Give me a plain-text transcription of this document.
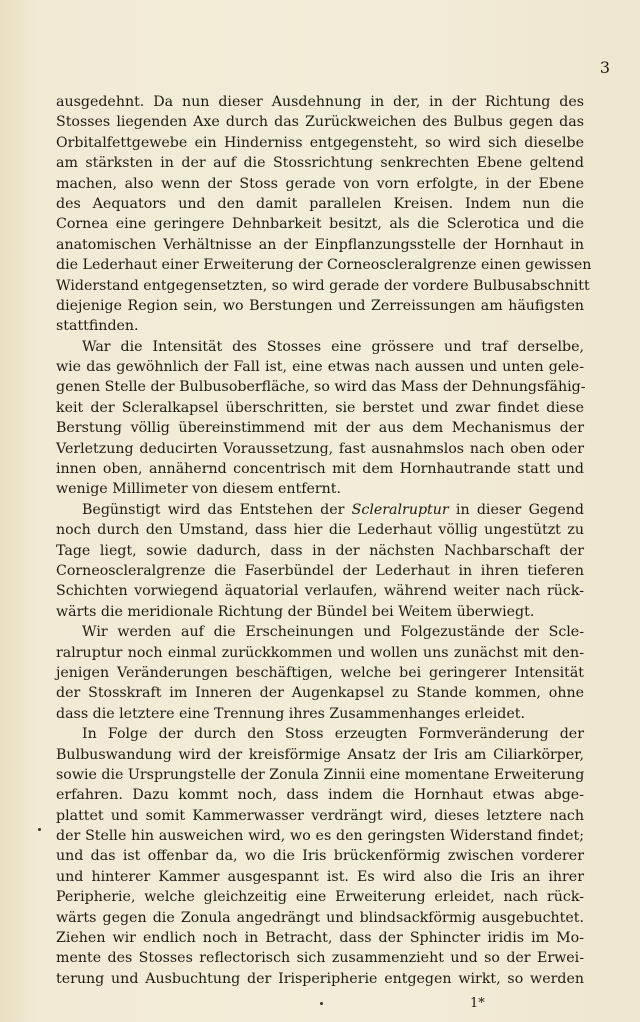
3
ausgedehnt. Da nun dieser Ausdehnung in der, in der Richtung des
Stosses liegenden Axe durch das Zurückweichen des Bulbus gegen das
Orbitalfettgewebe ein Hinderniss entgegensteht, so wird sich dieselbe
am stärksten in der auf die Stossrichtung senkrechten Ebene geltend
machen, also wenn der Stoss gerade von vorn erfolgte, in der Ebene
des Aequators und den damit parallelen Kreisen. Indem nun die
Cornea eine geringere Dehnbarkeit besitzt, als die Sclerotica und die
anatomischen Verhältnisse an der Einpflanzungsstelle der Hornhaut in
die Lederhaut einer Erweiterung der Corneoscleralgrenze einen gewissen
Widerstand entgegensetzten, so wird gerade der vordere Bulbusabschnitt
diejenige Region sein, wo Berstungen und Zerreissungen am häufigsten
stattfinden.
War die Intensität des Stosses eine grössere und traf derselbe,
wie das gewöhnlich der Fall ist, eine etwas nach aussen und unten gele-
genen Stelle der Bulbusoberfläche, so wird das Mass der Dehnungsfähig-
keit der Scleralkapsel überschritten, sie berstet und zwar findet diese
Berstung völlig übereinstimmend mit der aus dem Mechanismus der
Verletzung deducirten Voraussetzung, fast ausnahmslos nach oben oder
innen oben, annähernd concentrisch mit dem Hornhautrande statt und
wenige Millimeter von diesem entfernt.
Begünstigt wird das Entstehen der Scleralruptur in dieser Gegend
noch durch den Umstand, dass hier die Lederhaut völlig ungestützt zu
Tage liegt, sowie dadurch, dass in der nächsten Nachbarschaft der
Corneoscleralgrenze die Faserbündel der Lederhaut in ihren tieferen
Schichten vorwiegend äquatorial verlaufen, während weiter nach rück-
wärts die meridionale Richtung der Bündel bei Weitem überwiegt.
Wir werden auf die Erscheinungen und Folgezustände der Scle-
ralruptur noch einmal zurückkommen und wollen uns zunächst mit den-
jenigen Veränderungen beschäftigen, welche bei geringerer Intensität
der Stosskraft im Inneren der Augenkapsel zu Stande kommen, ohne
dass die letztere eine Trennung ihres Zusammenhanges erleidet.
In Folge der durch den Stoss erzeugten Formveränderung der
Bulbuswandung wird der kreisförmige Ansatz der Iris am Ciliarkörper,
sowie die Ursprungstelle der Zonula Zinnii eine momentane Erweiterung
erfahren. Dazu kommt noch, dass indem die Hornhaut etwas abge-
plattet und somit Kammerwasser verdrängt wird, dieses letztere nach
der Stelle hin ausweichen wird, wo es den geringsten Widerstand findet;
und das ist offenbar da, wo die Iris brückenförmig zwischen vorderer
und hinterer Kammer ausgespannt ist. Es wird also die Iris an ihrer
Peripherie, welche gleichzeitig eine Erweiterung erleidet, nach rück-
wärts gegen die Zonula angedrängt und blindsackförmig ausgebuchtet.
Ziehen wir endlich noch in Betracht, dass der Sphincter iridis im Mo-
mente des Stosses reflectorisch sich zusammenzieht und so der Erwei-
terung und Ausbuchtung der Irisperipherie entgegen wirkt, so werden
1*
